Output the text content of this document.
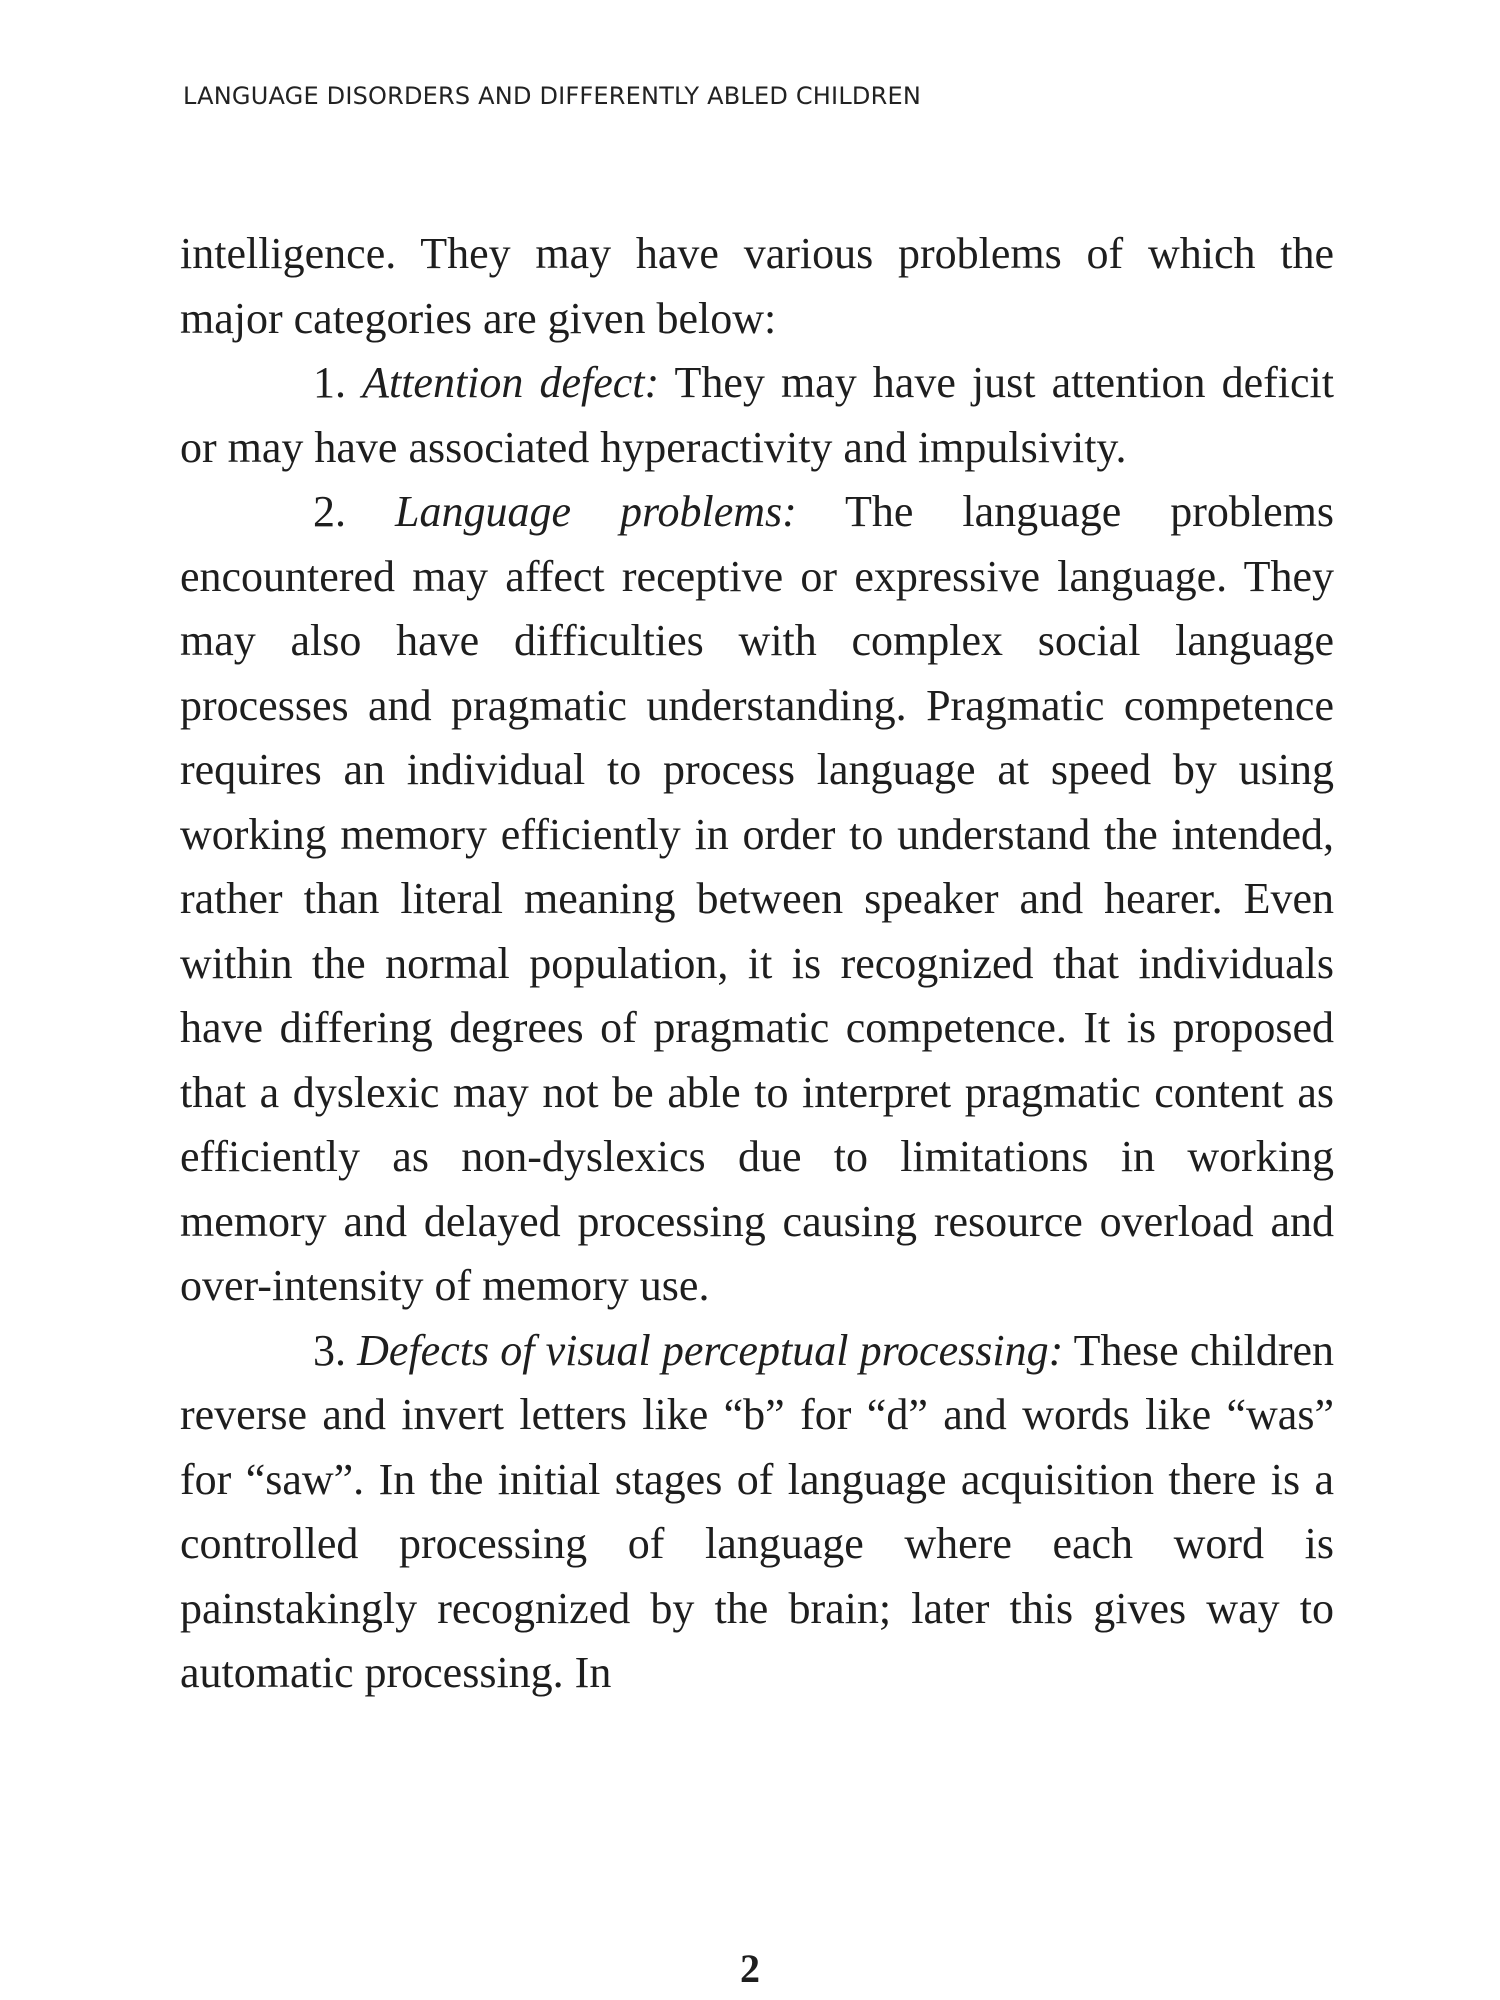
LANGUAGE DISORDERS AND DIFFERENTLY ABLED CHILDREN

intelligence. They may have various problems of which the major categories are given below:

1. Attention defect: They may have just attention deficit or may have associated hyperactivity and impulsivity.

2. Language problems: The language problems encountered may affect receptive or expressive language. They may also have difficulties with complex social language processes and pragmatic understanding. Pragmatic competence requires an individual to process language at speed by using working memory efficiently in order to understand the intended, rather than literal meaning between speaker and hearer. Even within the normal population, it is recognized that individuals have differing degrees of pragmatic competence. It is proposed that a dyslexic may not be able to interpret pragmatic content as efficiently as non-dyslexics due to limitations in working memory and delayed processing causing resource overload and over-intensity of memory use.

3. Defects of visual perceptual processing: These children reverse and invert letters like “b” for “d” and words like “was” for “saw”. In the initial stages of language acquisition there is a controlled processing of language where each word is painstakingly recognized by the brain; later this gives way to automatic processing. In

2
